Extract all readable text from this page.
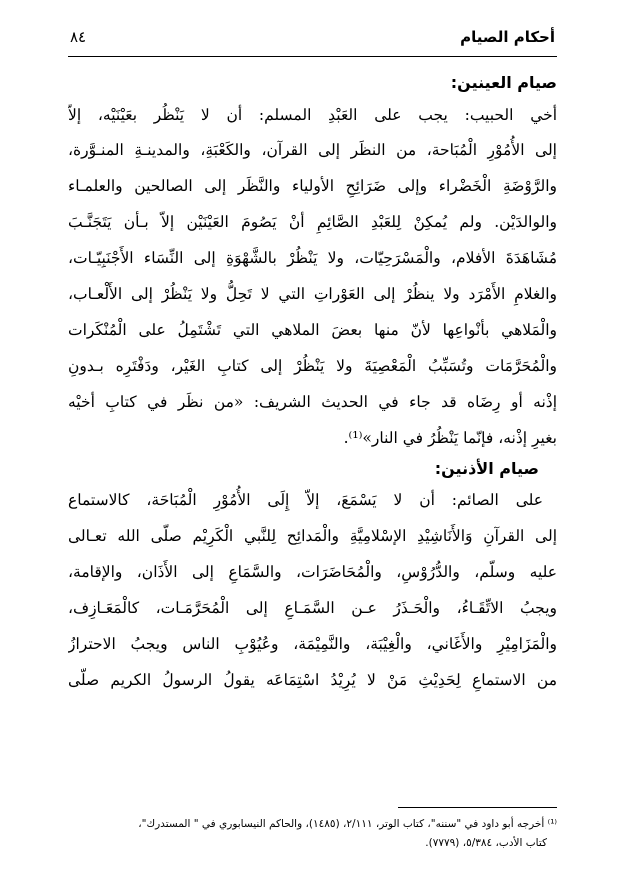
أحكام الصيام
٨٤
صيام العينين:
أخي الحبيب: يجب على العَبْدِ المسلم: أن لا يَنْظُر بعَيْنَيْه، إلاّ
إلى الأُمُوْرِ الْمُبَاحة، من النظَر إلى القرآن، والكَعْبَةِ، والمدينـةِ المنـوَّرة،
والرَّوْضَةِ الْخَضْراء وإلى ضَرَائِحِ الأولياء والنَّظَر إلى الصالحين والعلمـاء
والوالدَيْن. ولم يُمكِنْ لِلعَبْدِ الصَّائِمِ أنْ يَصُومَ العَيْنَيْن إلاّ بـأن يَتَجَنَّـبَ
مُشَاهَدَةَ الأفلام، والْمَسْرَحِيّات، ولا يَنْظُرْ بالشَّهْوَةِ إلى النِّسَاء الأَجْنَبِيّـات،
والغلامِ الأَمْرَد ولا ينظُرْ إلى العَوْراتِ التي لا تَحِلُّ ولا يَنْظُرْ إلى الأَلْعـاب،
والْمَلاهي بأنْواعِها لأنّ منها بعضَ الملاهي التي تَشْتَمِلُ على الْمُنْكَرات
والْمُحَرَّمَات وتُسَبِّبُ الْمَعْصِيَةَ ولا يَنْظُرْ إلى كتابِ الغَيْر، ودَفْتَرِه بـدونِ
إذْنه أو رِضَاه قد جاء في الحديث الشريف: «من نظَر في كتابِ أخيْه
بغيرِ إذْنه، فإنّما يَنْظُرُ في النار»⁽¹⁾.
صيام الأذنين:
على الصائم: أن لا يَسْمَعَ، إلاّ إِلَى الأُمُوْرِ الْمُبَاحَة، كالاستماع
إلى القرآنِ وَالأَنَاشِيْدِ الإسْلامِيَّةِ والْمَدائِح لِلنَّبي الْكَرِيْم صلّى الله تعـالى
عليه وسلّم، والدُّرُوْسِ، والْمُحَاضَرَات، والسَّمَاعِ إلى الأَذَان، والإقامة،
ويجبُ الاتِّقَـاءُ، والْحَـذَرُ عـن السَّمَـاعِ إلى الْمُحَرَّمَـات، كالْمَعَـازِف،
والْمَزَامِيْرِ والأَغَاني، والْغِيْبَة، والنَّمِيْمَة، وعُيُوْبِ الناس ويجبُ الاحترازُ
من الاستماعِ لِحَدِيْثِ مَنْ لا يُرِيْدُ اسْتِمَاعَه يقولُ الرسولُ الكريم صلّى
⁽¹⁾ أخرجه أبو داود في "سننه"، كتاب الوتر، ٢/١١١، (١٤٨٥)، والحاكم النيسابوري في " المستدرك"،
كتاب الأدب، ٥/٣٨٤، (٧٧٧٩).
